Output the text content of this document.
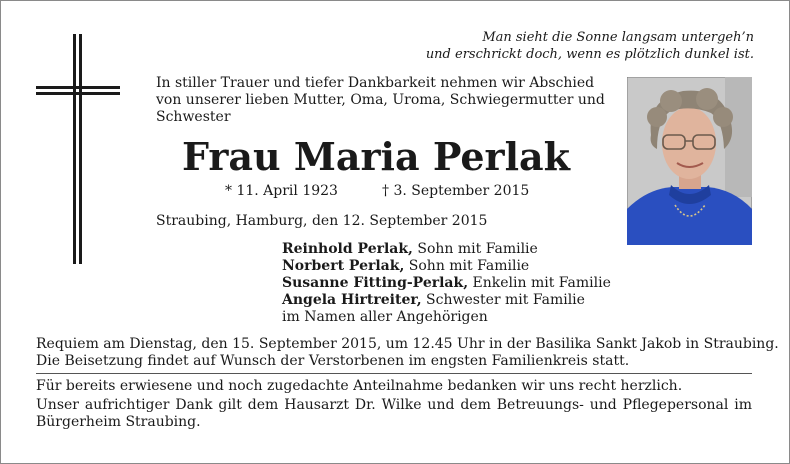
Man sieht die Sonne langsam untergeh’n
und erschrickt doch, wenn es plötzlich dunkel ist.
In stiller Trauer und tiefer Dankbarkeit nehmen wir Abschied
von unserer lieben Mutter, Oma, Uroma, Schwiegermutter und
Schwester
Frau Maria Perlak
* 11. April 1923	† 3. September 2015
Straubing, Hamburg, den 12. September 2015
Reinhold Perlak, Sohn mit Familie
Norbert Perlak, Sohn mit Familie
Susanne Fitting-Perlak, Enkelin mit Familie
Angela Hirtreiter, Schwester mit Familie
im Namen aller Angehörigen
Requiem am Dienstag, den 15. September 2015, um 12.45 Uhr in der Basilika Sankt Jakob in Straubing.
Die Beisetzung findet auf Wunsch der Verstorbenen im engsten Familienkreis statt.
Für bereits erwiesene und noch zugedachte Anteilnahme bedanken wir uns recht herzlich.
Unser aufrichtiger Dank gilt dem Hausarzt Dr. Wilke und dem Betreuungs- und Pflegepersonal im Bürgerheim Straubing.
